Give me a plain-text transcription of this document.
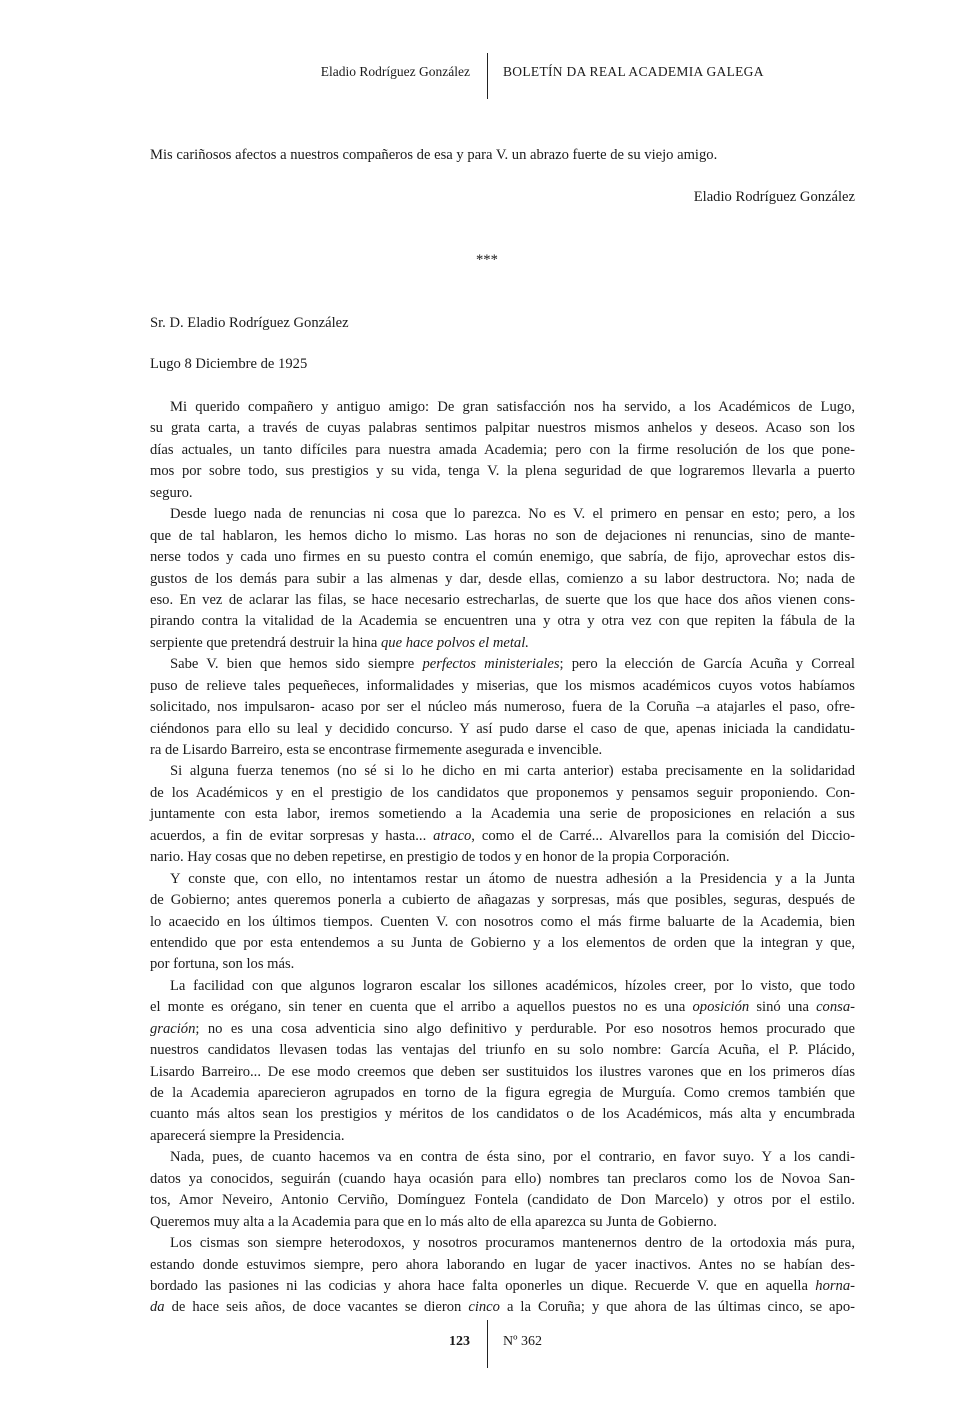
Eladio Rodríguez González BOLETÍN DA REAL ACADEMIA GALEGA
Mis cariñosos afectos a nuestros compañeros de esa y para V. un abrazo fuerte de su viejo amigo.
Eladio Rodríguez González
***
Sr. D. Eladio Rodríguez González
Lugo 8 Diciembre de 1925
Mi querido compañero y antiguo amigo: De gran satisfacción nos ha servido, a los Académicos de Lugo,
su grata carta, a través de cuyas palabras sentimos palpitar nuestros mismos anhelos y deseos. Acaso son los
días actuales, un tanto difíciles para nuestra amada Academia; pero con la firme resolución de los que pone-
mos por sobre todo, sus prestigios y su vida, tenga V. la plena seguridad de que lograremos llevarla a puerto
seguro.
Desde luego nada de renuncias ni cosa que lo parezca. No es V. el primero en pensar en esto; pero, a los
que de tal hablaron, les hemos dicho lo mismo. Las horas no son de dejaciones ni renuncias, sino de mante-
nerse todos y cada uno firmes en su puesto contra el común enemigo, que sabría, de fijo, aprovechar estos dis-
gustos de los demás para subir a las almenas y dar, desde ellas, comienzo a su labor destructora. No; nada de
eso. En vez de aclarar las filas, se hace necesario estrecharlas, de suerte que los que hace dos años vienen cons-
pirando contra la vitalidad de la Academia se encuentren una y otra y otra vez con que repiten la fábula de la
serpiente que pretendrá destruir la hina que hace polvos el metal.
Sabe V. bien que hemos sido siempre perfectos ministeriales; pero la elección de García Acuña y Correal
puso de relieve tales pequeñeces, informalidades y miserias, que los mismos académicos cuyos votos habíamos
solicitado, nos impulsaron- acaso por ser el núcleo más numeroso, fuera de la Coruña –a atajarles el paso, ofre-
ciéndonos para ello su leal y decidido concurso. Y así pudo darse el caso de que, apenas iniciada la candidatu-
ra de Lisardo Barreiro, esta se encontrase firmemente asegurada e invencible.
Si alguna fuerza tenemos (no sé si lo he dicho en mi carta anterior) estaba precisamente en la solidaridad
de los Académicos y en el prestigio de los candidatos que proponemos y pensamos seguir proponiendo. Con-
juntamente con esta labor, iremos sometiendo a la Academia una serie de proposiciones en relación a sus
acuerdos, a fin de evitar sorpresas y hasta... atraco, como el de Carré... Alvarellos para la comisión del Diccio-
nario. Hay cosas que no deben repetirse, en prestigio de todos y en honor de la propia Corporación.
Y conste que, con ello, no intentamos restar un átomo de nuestra adhesión a la Presidencia y a la Junta
de Gobierno; antes queremos ponerla a cubierto de añagazas y sorpresas, más que posibles, seguras, después de
lo acaecido en los últimos tiempos. Cuenten V. con nosotros como el más firme baluarte de la Academia, bien
entendido que por esta entendemos a su Junta de Gobierno y a los elementos de orden que la integran y que,
por fortuna, son los más.
La facilidad con que algunos lograron escalar los sillones académicos, hízoles creer, por lo visto, que todo
el monte es orégano, sin tener en cuenta que el arribo a aquellos puestos no es una oposición sinó una consa-
gración; no es una cosa adventicia sino algo definitivo y perdurable. Por eso nosotros hemos procurado que
nuestros candidatos llevasen todas las ventajas del triunfo en su solo nombre: García Acuña, el P. Plácido,
Lisardo Barreiro... De ese modo creemos que deben ser sustituidos los ilustres varones que en los primeros días
de la Academia aparecieron agrupados en torno de la figura egregia de Murguía. Como cremos también que
cuanto más altos sean los prestigios y méritos de los candidatos o de los Académicos, más alta y encumbrada
aparecerá siempre la Presidencia.
Nada, pues, de cuanto hacemos va en contra de ésta sino, por el contrario, en favor suyo. Y a los candi-
datos ya conocidos, seguirán (cuando haya ocasión para ello) nombres tan preclaros como los de Novoa San-
tos, Amor Neveiro, Antonio Cerviño, Domínguez Fontela (candidato de Don Marcelo) y otros por el estilo.
Queremos muy alta a la Academia para que en lo más alto de ella aparezca su Junta de Gobierno.
Los cismas son siempre heterodoxos, y nosotros procuramos mantenernos dentro de la ortodoxia más pura,
estando donde estuvimos siempre, pero ahora laborando en lugar de yacer inactivos. Antes no se habían des-
bordado las pasiones ni las codicias y ahora hace falta oponerles un dique. Recuerde V. que en aquella horna-
da de hace seis años, de doce vacantes se dieron cinco a la Coruña; y que ahora de las últimas cinco, se apo-
123 Nº 362
